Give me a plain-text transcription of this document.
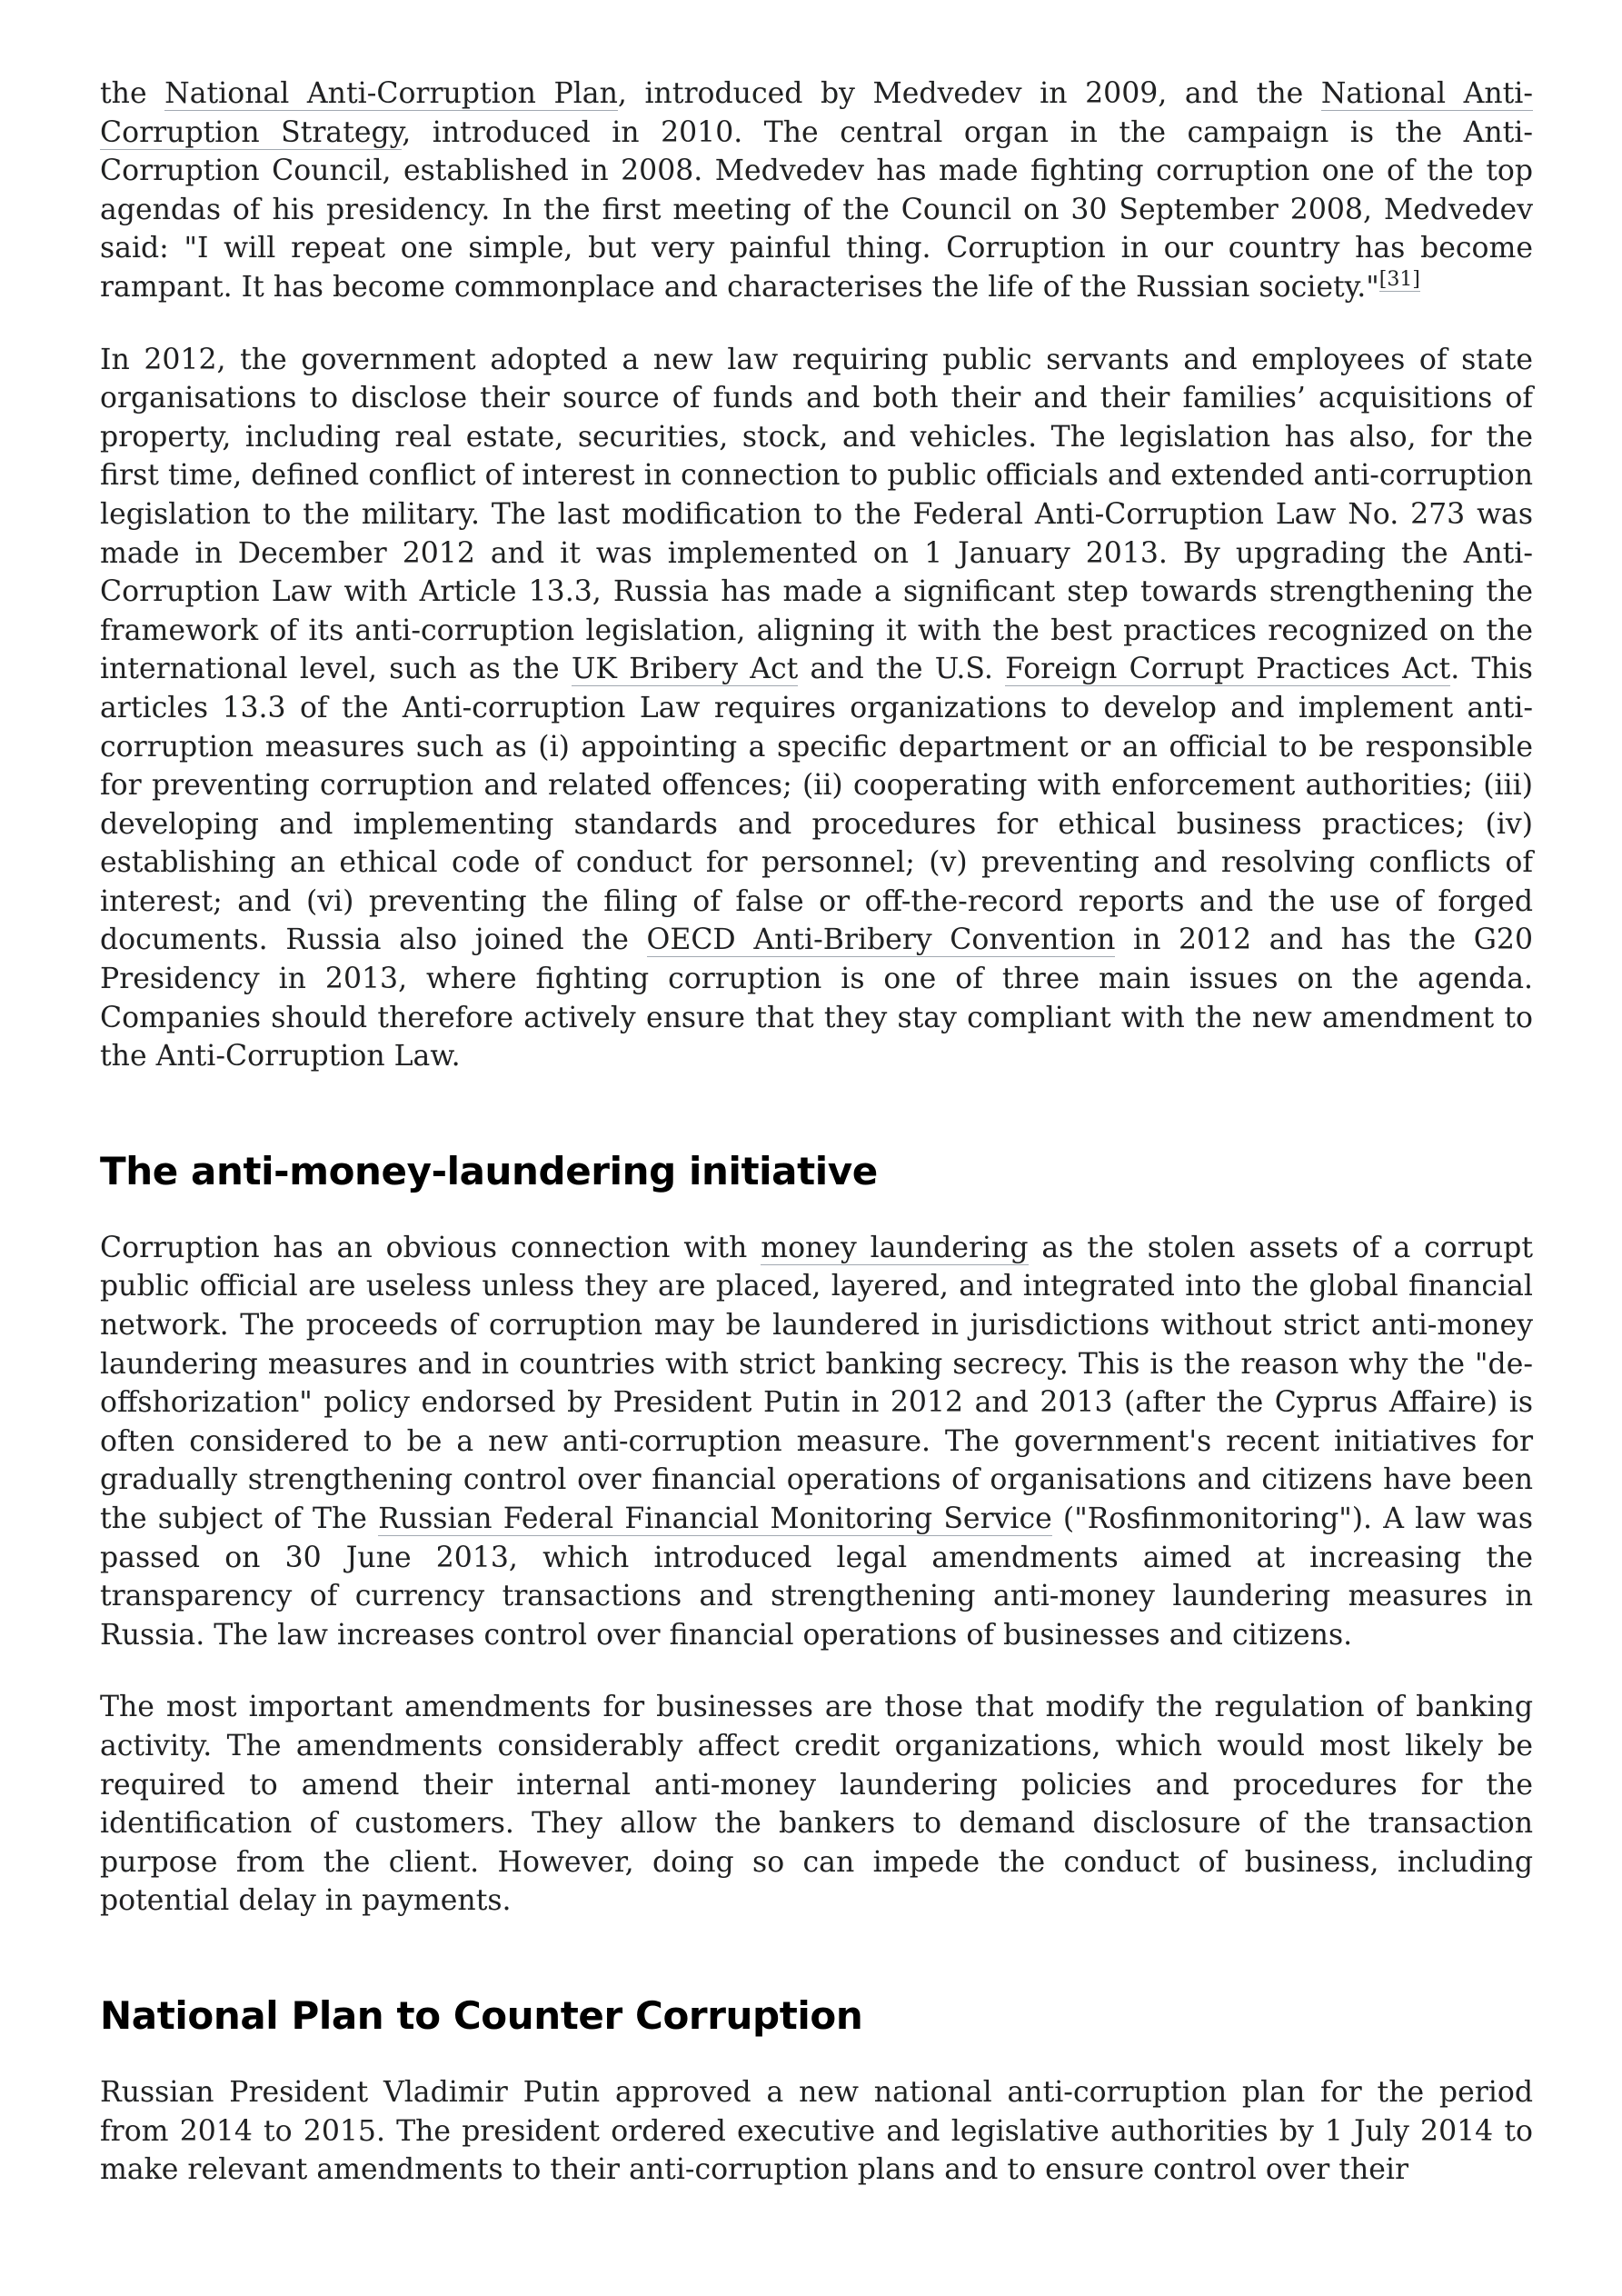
the National Anti-Corruption Plan, introduced by Medvedev in 2009, and the National Anti-Corruption Strategy, introduced in 2010. The central organ in the campaign is the Anti-Corruption Council, established in 2008. Medvedev has made fighting corruption one of the top agendas of his presidency. In the first meeting of the Council on 30 September 2008, Medvedev said: "I will repeat one simple, but very painful thing. Corruption in our country has become rampant. It has become commonplace and characterises the life of the Russian society."[31]

In 2012, the government adopted a new law requiring public servants and employees of state organisations to disclose their source of funds and both their and their families’ acquisitions of property, including real estate, securities, stock, and vehicles. The legislation has also, for the first time, defined conflict of interest in connection to public officials and extended anti-corruption legislation to the military. The last modification to the Federal Anti-Corruption Law No. 273 was made in December 2012 and it was implemented on 1 January 2013. By upgrading the Anti-Corruption Law with Article 13.3, Russia has made a significant step towards strengthening the framework of its anti-corruption legislation, aligning it with the best practices recognized on the international level, such as the UK Bribery Act and the U.S. Foreign Corrupt Practices Act. This articles 13.3 of the Anti-corruption Law requires organizations to develop and implement anti-corruption measures such as (i) appointing a specific department or an official to be responsible for preventing corruption and related offences; (ii) cooperating with enforcement authorities; (iii) developing and implementing standards and procedures for ethical business practices; (iv) establishing an ethical code of conduct for personnel; (v) preventing and resolving conflicts of interest; and (vi) preventing the filing of false or off-the-record reports and the use of forged documents. Russia also joined the OECD Anti-Bribery Convention in 2012 and has the G20 Presidency in 2013, where fighting corruption is one of three main issues on the agenda. Companies should therefore actively ensure that they stay compliant with the new amendment to the Anti-Corruption Law.

The anti-money-laundering initiative

Corruption has an obvious connection with money laundering as the stolen assets of a corrupt public official are useless unless they are placed, layered, and integrated into the global financial network. The proceeds of corruption may be laundered in jurisdictions without strict anti-money laundering measures and in countries with strict banking secrecy. This is the reason why the "de-offshorization" policy endorsed by President Putin in 2012 and 2013 (after the Cyprus Affaire) is often considered to be a new anti-corruption measure. The government's recent initiatives for gradually strengthening control over financial operations of organisations and citizens have been the subject of The Russian Federal Financial Monitoring Service ("Rosfinmonitoring"). A law was passed on 30 June 2013, which introduced legal amendments aimed at increasing the transparency of currency transactions and strengthening anti-money laundering measures in Russia. The law increases control over financial operations of businesses and citizens.

The most important amendments for businesses are those that modify the regulation of banking activity. The amendments considerably affect credit organizations, which would most likely be required to amend their internal anti-money laundering policies and procedures for the identification of customers. They allow the bankers to demand disclosure of the transaction purpose from the client. However, doing so can impede the conduct of business, including potential delay in payments.

National Plan to Counter Corruption

Russian President Vladimir Putin approved a new national anti-corruption plan for the period from 2014 to 2015. The president ordered executive and legislative authorities by 1 July 2014 to make relevant amendments to their anti-corruption plans and to ensure control over their
